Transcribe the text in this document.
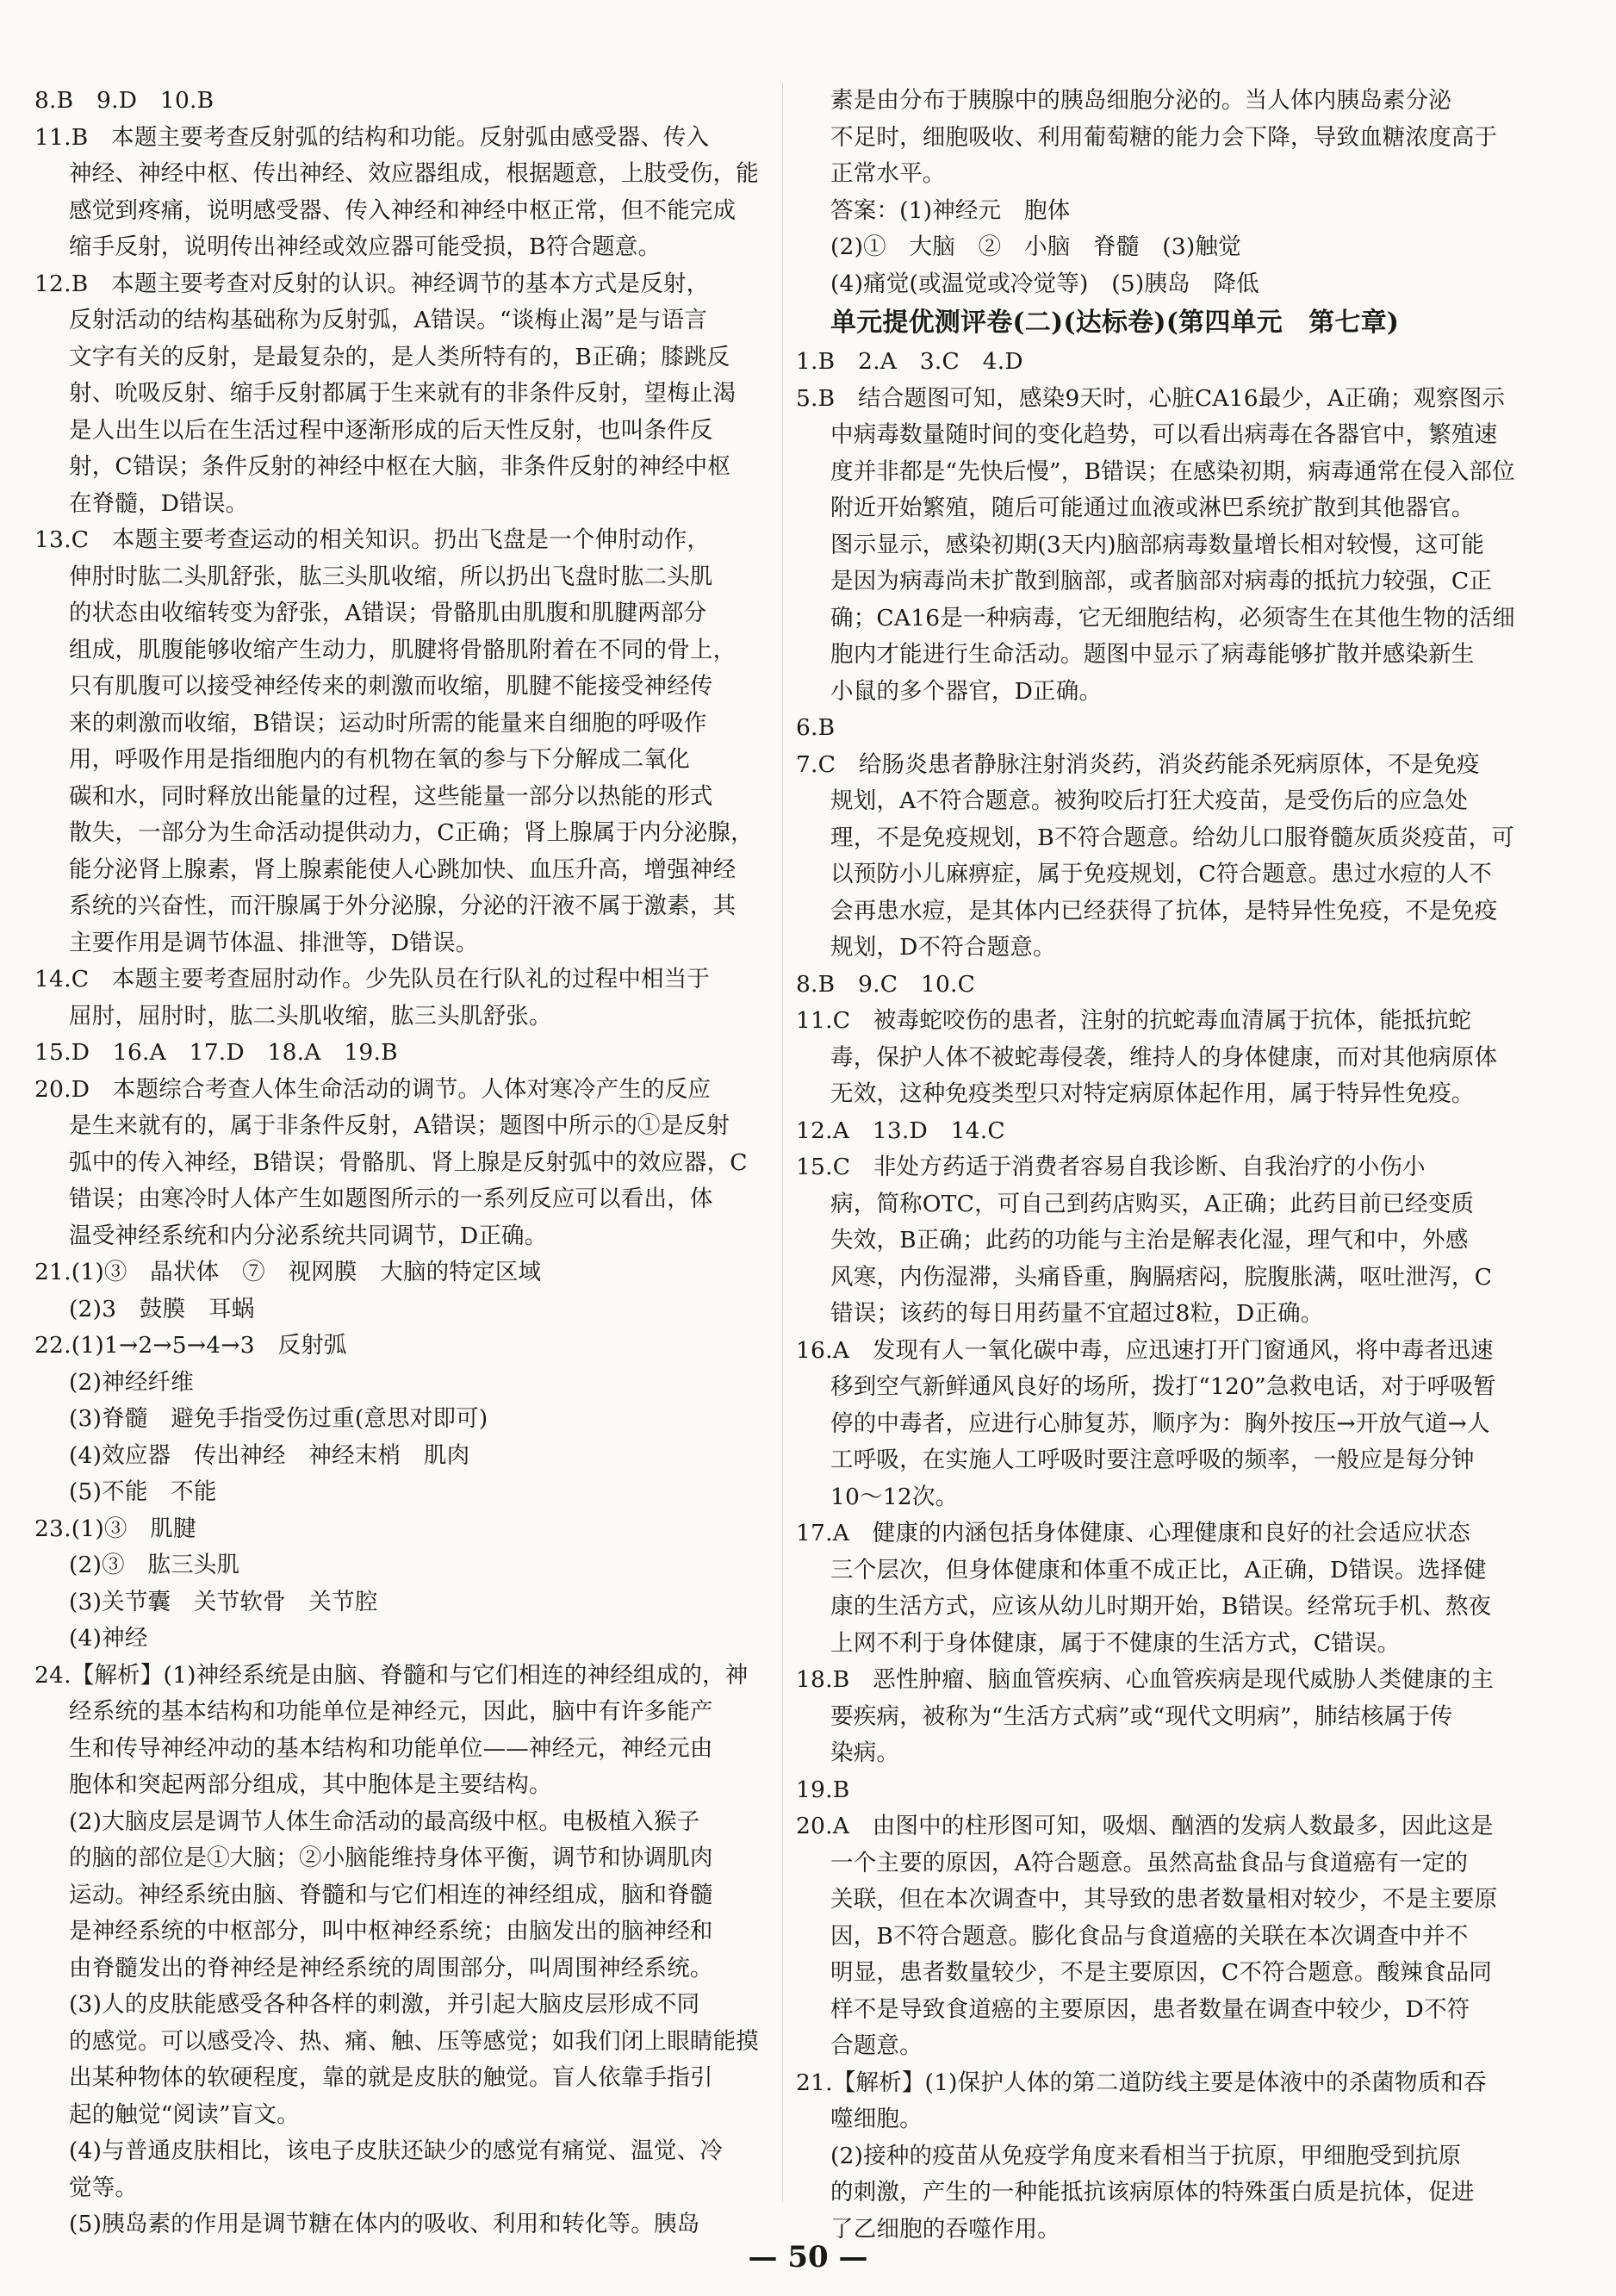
8.B　9.D　10.B

11.B　本题主要考查反射弧的结构和功能。反射弧由感受器、传入

神经、神经中枢、传出神经、效应器组成，根据题意，上肢受伤，能

感觉到疼痛，说明感受器、传入神经和神经中枢正常，但不能完成

缩手反射，说明传出神经或效应器可能受损，B符合题意。

12.B　本题主要考查对反射的认识。神经调节的基本方式是反射，

反射活动的结构基础称为反射弧，A错误。“谈梅止渴”是与语言

文字有关的反射，是最复杂的，是人类所特有的，B正确；膝跳反

射、吮吸反射、缩手反射都属于生来就有的非条件反射，望梅止渴

是人出生以后在生活过程中逐渐形成的后天性反射，也叫条件反

射，C错误；条件反射的神经中枢在大脑，非条件反射的神经中枢

在脊髓，D错误。

13.C　本题主要考查运动的相关知识。扔出飞盘是一个伸肘动作，

伸肘时肱二头肌舒张，肱三头肌收缩，所以扔出飞盘时肱二头肌

的状态由收缩转变为舒张，A错误；骨骼肌由肌腹和肌腱两部分

组成，肌腹能够收缩产生动力，肌腱将骨骼肌附着在不同的骨上，

只有肌腹可以接受神经传来的刺激而收缩，肌腱不能接受神经传

来的刺激而收缩，B错误；运动时所需的能量来自细胞的呼吸作

用，呼吸作用是指细胞内的有机物在氧的参与下分解成二氧化

碳和水，同时释放出能量的过程，这些能量一部分以热能的形式

散失，一部分为生命活动提供动力，C正确；肾上腺属于内分泌腺，

能分泌肾上腺素，肾上腺素能使人心跳加快、血压升高，增强神经

系统的兴奋性，而汗腺属于外分泌腺，分泌的汗液不属于激素，其

主要作用是调节体温、排泄等，D错误。

14.C　本题主要考查屈肘动作。少先队员在行队礼的过程中相当于

屈肘，屈肘时，肱二头肌收缩，肱三头肌舒张。

15.D　16.A　17.D　18.A　19.B

20.D　本题综合考查人体生命活动的调节。人体对寒冷产生的反应

是生来就有的，属于非条件反射，A错误；题图中所示的①是反射

弧中的传入神经，B错误；骨骼肌、肾上腺是反射弧中的效应器，C

错误；由寒冷时人体产生如题图所示的一系列反应可以看出，体

温受神经系统和内分泌系统共同调节，D正确。

21.(1)③　晶状体　⑦　视网膜　大脑的特定区域

(2)3　鼓膜　耳蜗

22.(1)1→2→5→4→3　反射弧

(2)神经纤维

(3)脊髓　避免手指受伤过重(意思对即可)

(4)效应器　传出神经　神经末梢　肌肉

(5)不能　不能

23.(1)③　肌腱

(2)③　肱三头肌

(3)关节囊　关节软骨　关节腔

(4)神经

24.【解析】(1)神经系统是由脑、脊髓和与它们相连的神经组成的，神

经系统的基本结构和功能单位是神经元，因此，脑中有许多能产

生和传导神经冲动的基本结构和功能单位——神经元，神经元由

胞体和突起两部分组成，其中胞体是主要结构。

(2)大脑皮层是调节人体生命活动的最高级中枢。电极植入猴子

的脑的部位是①大脑；②小脑能维持身体平衡，调节和协调肌肉

运动。神经系统由脑、脊髓和与它们相连的神经组成，脑和脊髓

是神经系统的中枢部分，叫中枢神经系统；由脑发出的脑神经和

由脊髓发出的脊神经是神经系统的周围部分，叫周围神经系统。

(3)人的皮肤能感受各种各样的刺激，并引起大脑皮层形成不同

的感觉。可以感受冷、热、痛、触、压等感觉；如我们闭上眼睛能摸

出某种物体的软硬程度，靠的就是皮肤的触觉。盲人依靠手指引

起的触觉“阅读”盲文。

(4)与普通皮肤相比，该电子皮肤还缺少的感觉有痛觉、温觉、冷

觉等。

(5)胰岛素的作用是调节糖在体内的吸收、利用和转化等。胰岛

素是由分布于胰腺中的胰岛细胞分泌的。当人体内胰岛素分泌

不足时，细胞吸收、利用葡萄糖的能力会下降，导致血糖浓度高于

正常水平。

答案：(1)神经元　胞体

(2)①　大脑　②　小脑　脊髓　(3)触觉

(4)痛觉(或温觉或冷觉等)　(5)胰岛　降低

单元提优测评卷(二)(达标卷)(第四单元　第七章)

1.B　2.A　3.C　4.D

5.B　结合题图可知，感染9天时，心脏CA16最少，A正确；观察图示

中病毒数量随时间的变化趋势，可以看出病毒在各器官中，繁殖速

度并非都是“先快后慢”，B错误；在感染初期，病毒通常在侵入部位

附近开始繁殖，随后可能通过血液或淋巴系统扩散到其他器官。

图示显示，感染初期(3天内)脑部病毒数量增长相对较慢，这可能

是因为病毒尚未扩散到脑部，或者脑部对病毒的抵抗力较强，C正

确；CA16是一种病毒，它无细胞结构，必须寄生在其他生物的活细

胞内才能进行生命活动。题图中显示了病毒能够扩散并感染新生

小鼠的多个器官，D正确。

6.B

7.C　给肠炎患者静脉注射消炎药，消炎药能杀死病原体，不是免疫

规划，A不符合题意。被狗咬后打狂犬疫苗，是受伤后的应急处

理，不是免疫规划，B不符合题意。给幼儿口服脊髓灰质炎疫苗，可

以预防小儿麻痹症，属于免疫规划，C符合题意。患过水痘的人不

会再患水痘，是其体内已经获得了抗体，是特异性免疫，不是免疫

规划，D不符合题意。

8.B　9.C　10.C

11.C　被毒蛇咬伤的患者，注射的抗蛇毒血清属于抗体，能抵抗蛇

毒，保护人体不被蛇毒侵袭，维持人的身体健康，而对其他病原体

无效，这种免疫类型只对特定病原体起作用，属于特异性免疫。

12.A　13.D　14.C

15.C　非处方药适于消费者容易自我诊断、自我治疗的小伤小

病，简称OTC，可自己到药店购买，A正确；此药目前已经变质

失效，B正确；此药的功能与主治是解表化湿，理气和中，外感

风寒，内伤湿滞，头痛昏重，胸膈痞闷，脘腹胀满，呕吐泄泻，C

错误；该药的每日用药量不宜超过8粒，D正确。

16.A　发现有人一氧化碳中毒，应迅速打开门窗通风，将中毒者迅速

移到空气新鲜通风良好的场所，拨打“120”急救电话，对于呼吸暂

停的中毒者，应进行心肺复苏，顺序为：胸外按压→开放气道→人

工呼吸，在实施人工呼吸时要注意呼吸的频率，一般应是每分钟

10～12次。

17.A　健康的内涵包括身体健康、心理健康和良好的社会适应状态

三个层次，但身体健康和体重不成正比，A正确，D错误。选择健

康的生活方式，应该从幼儿时期开始，B错误。经常玩手机、熬夜

上网不利于身体健康，属于不健康的生活方式，C错误。

18.B　恶性肿瘤、脑血管疾病、心血管疾病是现代威胁人类健康的主

要疾病，被称为“生活方式病”或“现代文明病”，肺结核属于传

染病。

19.B

20.A　由图中的柱形图可知，吸烟、酗酒的发病人数最多，因此这是

一个主要的原因，A符合题意。虽然高盐食品与食道癌有一定的

关联，但在本次调查中，其导致的患者数量相对较少，不是主要原

因，B不符合题意。膨化食品与食道癌的关联在本次调查中并不

明显，患者数量较少，不是主要原因，C不符合题意。酸辣食品同

样不是导致食道癌的主要原因，患者数量在调查中较少，D不符

合题意。

21.【解析】(1)保护人体的第二道防线主要是体液中的杀菌物质和吞

噬细胞。

(2)接种的疫苗从免疫学角度来看相当于抗原，甲细胞受到抗原

的刺激，产生的一种能抵抗该病原体的特殊蛋白质是抗体，促进

了乙细胞的吞噬作用。

— 50 —
